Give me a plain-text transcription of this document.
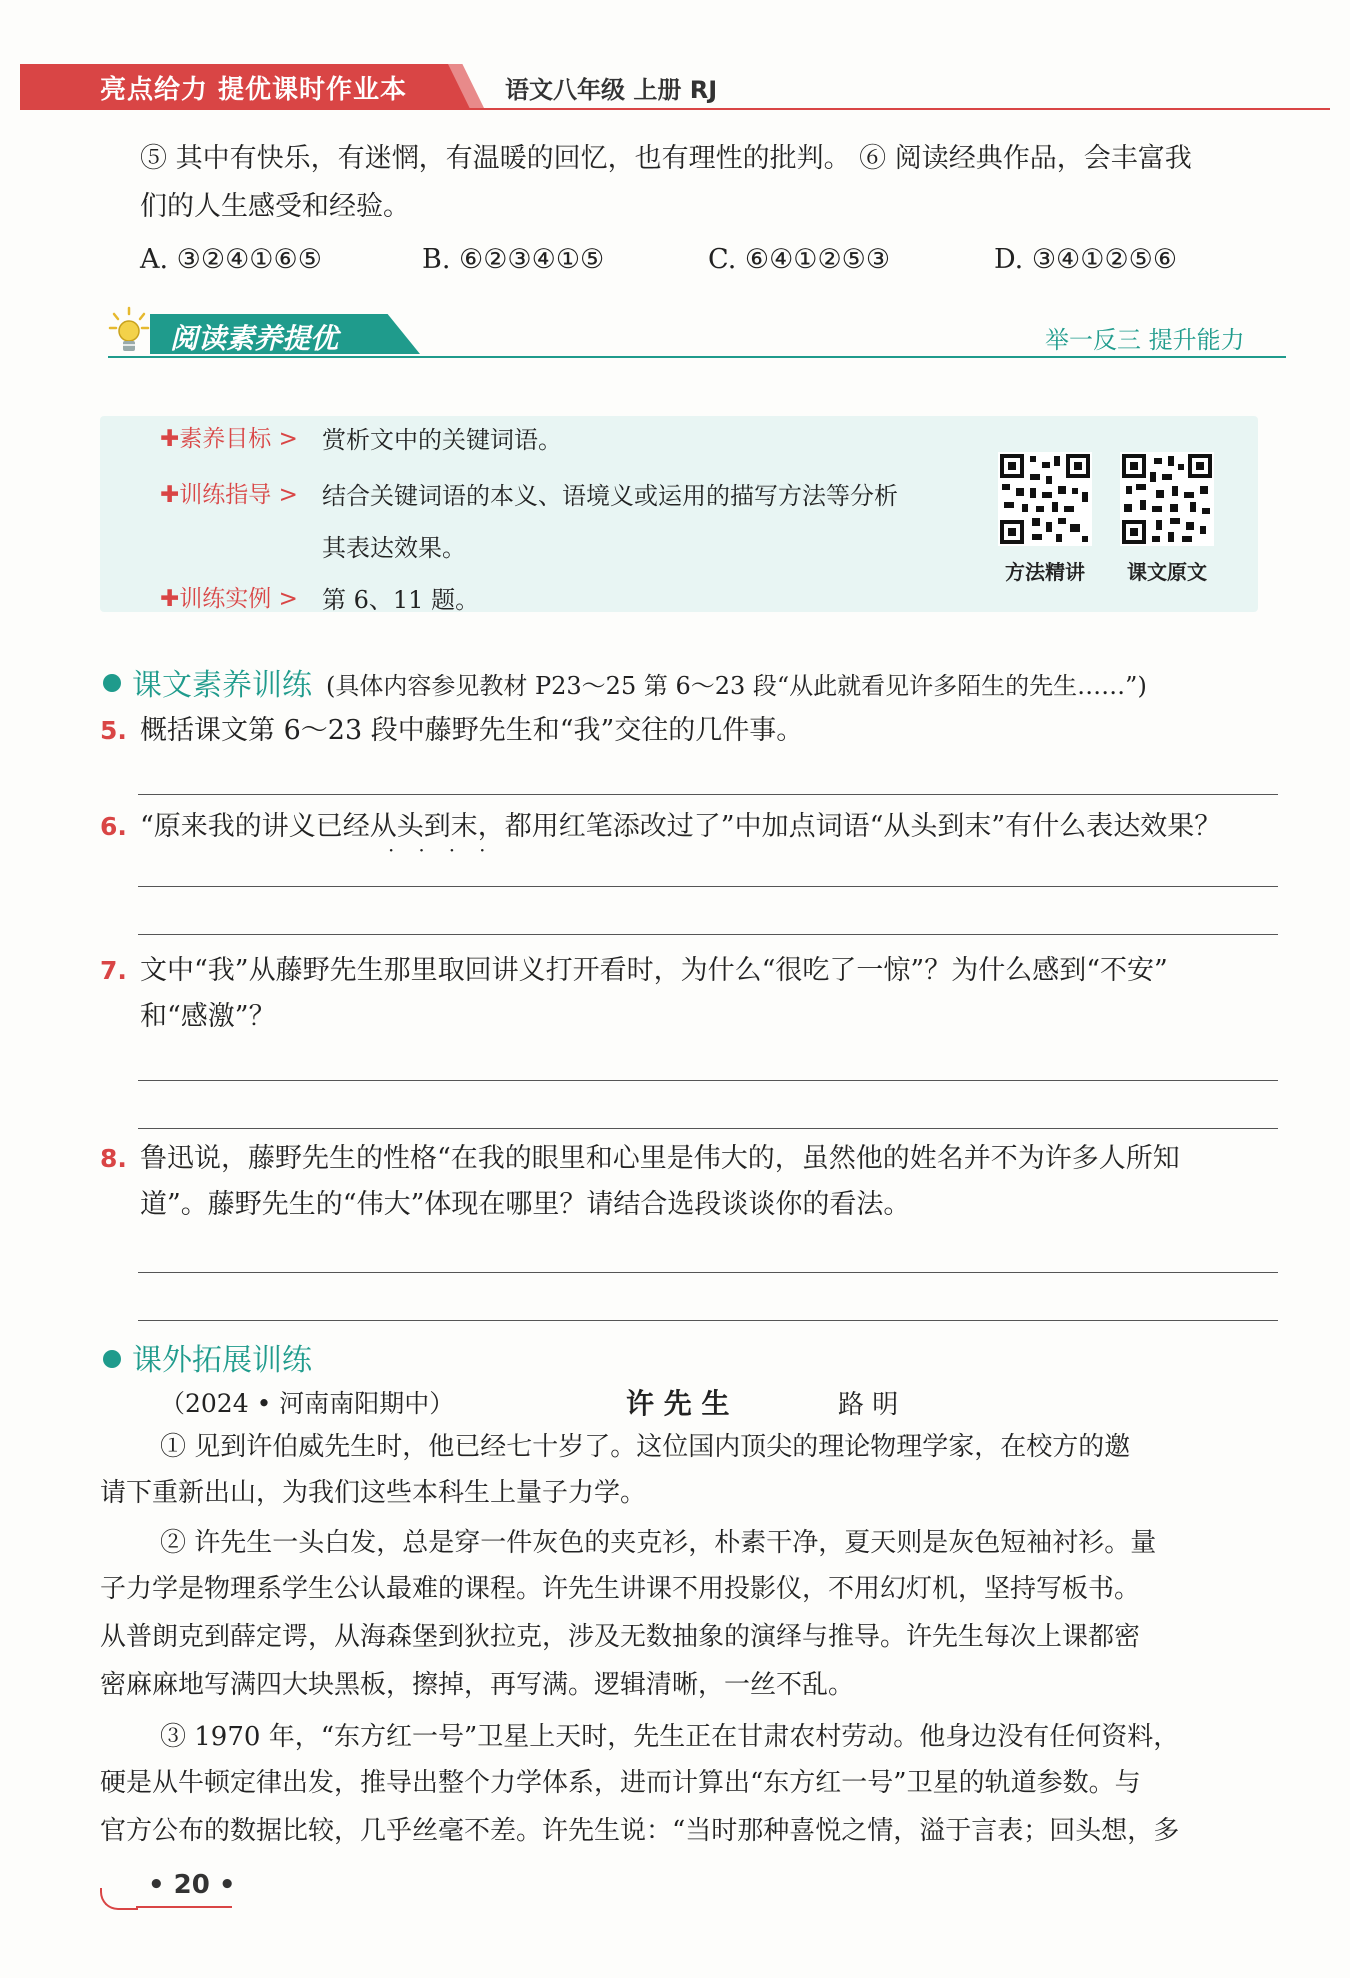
亮点给力 提优课时作业本	语文八年级 上册 RJ
⑤ 其中有快乐，有迷惘，有温暖的回忆，也有理性的批判。 ⑥ 阅读经典作品，会丰富我
们的人生感受和经验。
A. ③②④①⑥⑤	B. ⑥②③④①⑤	C. ⑥④①②⑤③	D. ③④①②⑤⑥
阅读素养提优	举一反三 提升能力
✚素养目标 > 赏析文中的关键词语。
✚训练指导 > 结合关键词语的本义、语境义或运用的描写方法等分析
其表达效果。
✚训练实例 > 第 6、11 题。
方法精讲 课文原文
课文素养训练 (具体内容参见教材 P23～25 第 6～23 段“从此就看见许多陌生的先生……”)
5. 概括课文第 6～23 段中藤野先生和“我”交往的几件事。
6. “原来我的讲义已经从头到末，都用红笔添改过了”中加点词语“从头到末”有什么表达效果？
····
7. 文中“我”从藤野先生那里取回讲义打开看时，为什么“很吃了一惊”？为什么感到“不安”
和“感激”？
8. 鲁迅说，藤野先生的性格“在我的眼里和心里是伟大的，虽然他的姓名并不为许多人所知
道”。藤野先生的“伟大”体现在哪里？请结合选段谈谈你的看法。
课外拓展训练
（2024 • 河南南阳期中）	许 先 生	路 明
① 见到许伯威先生时，他已经七十岁了。这位国内顶尖的理论物理学家，在校方的邀
请下重新出山，为我们这些本科生上量子力学。
② 许先生一头白发，总是穿一件灰色的夹克衫，朴素干净，夏天则是灰色短袖衬衫。量
子力学是物理系学生公认最难的课程。许先生讲课不用投影仪，不用幻灯机，坚持写板书。
从普朗克到薛定谔，从海森堡到狄拉克，涉及无数抽象的演绎与推导。许先生每次上课都密
密麻麻地写满四大块黑板，擦掉，再写满。逻辑清晰，一丝不乱。
③ 1970 年，“东方红一号”卫星上天时，先生正在甘肃农村劳动。他身边没有任何资料，
硬是从牛顿定律出发，推导出整个力学体系，进而计算出“东方红一号”卫星的轨道参数。与
官方公布的数据比较，几乎丝毫不差。许先生说：“当时那种喜悦之情，溢于言表；回头想，多
• 20 •
